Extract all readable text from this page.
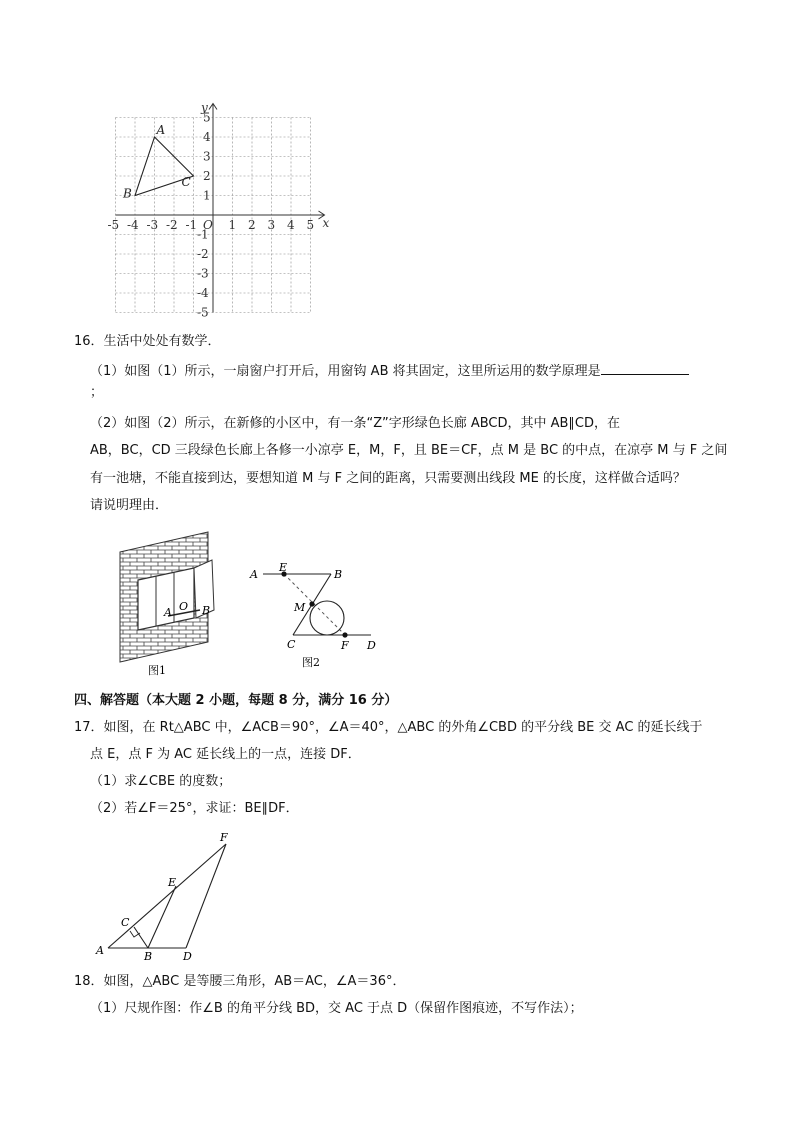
-5 -4 -3 -2 -1	1 2 3 4 5
5
4
3
2
1
-1
-2
-3
-4
-5
A
B
C
x
y
O
16．生活中处处有数学．
（1）如图（1）所示，一扇窗户打开后，用窗钩 AB 将其固定，这里所运用的数学原理是
；
（2）如图（2）所示，在新修的小区中，有一条“Z”字形绿色长廊 ABCD，其中 AB∥CD，在
AB，BC，CD 三段绿色长廊上各修一小凉亭 E，M，F，且 BE＝CF，点 M 是 BC 的中点，在凉亭 M 与 F 之间
有一池塘，不能直接到达，要想知道 M 与 F 之间的距离，只需要测出线段 ME 的长度，这样做合适吗？
请说明理由．
A O B
图1
A
E
B
M
C	F D
图2
四、解答题（本大题 2 小题，每题 8 分，满分 16 分）
17．如图，在 Rt△ABC 中，∠ACB＝90°，∠A＝40°，△ABC 的外角∠CBD 的平分线 BE 交 AC 的延长线于
点 E，点 F 为 AC 延长线上的一点，连接 DF．
（1）求∠CBE 的度数；
（2）若∠F＝25°，求证：BE∥DF．
A	B
C
D
E
F
18．如图，△ABC 是等腰三角形，AB＝AC，∠A＝36°．
（1）尺规作图：作∠B 的角平分线 BD，交 AC 于点 D（保留作图痕迹，不写作法）；
